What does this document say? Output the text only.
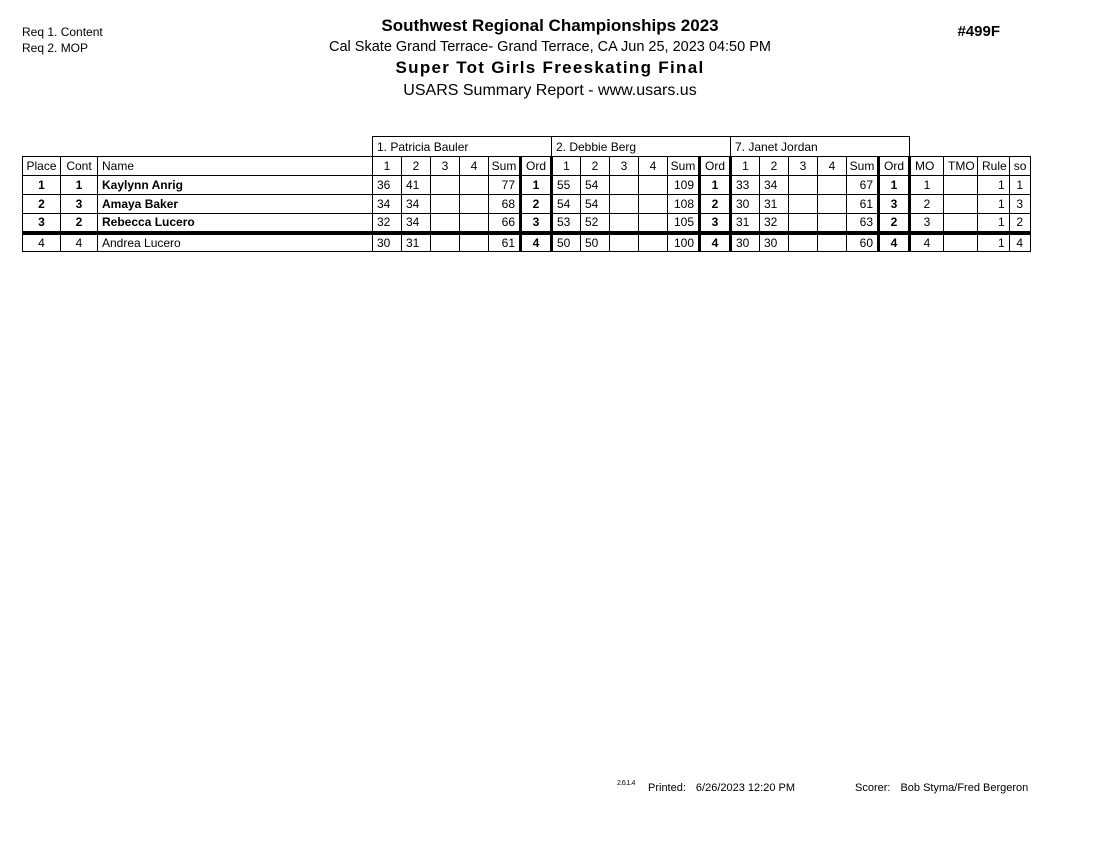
Req 1. Content
Req 2. MOP
#499F
Southwest Regional Championships 2023
Cal Skate Grand Terrace- Grand Terrace, CA Jun 25, 2023 04:50 PM
Super Tot Girls Freeskating Final
USARS Summary Report - www.usars.us
			1. Patricia Bauler						2. Debbie Berg						7. Janet Jordan									
Place	Cont	Name	1	2	3	4	Sum	Ord	1	2	3	4	Sum	Ord	1	2	3	4	Sum	Ord	MO	TMO	Rule	so
1	1	Kaylynn Anrig	36	41			77	1	55	54			109	1	33	34			67	1	1		1	1
2	3	Amaya Baker	34	34			68	2	54	54			108	2	30	31			61	3	2		1	3
3	2	Rebecca Lucero	32	34			66	3	53	52			105	3	31	32			63	2	3		1	2
4	4	Andrea Lucero	30	31			61	4	50	50			100	4	30	30			60	4	4		1	4
2.6.1.4 Printed: 6/26/2023 12:20 PM	Scorer: Bob Styma/Fred Bergeron
